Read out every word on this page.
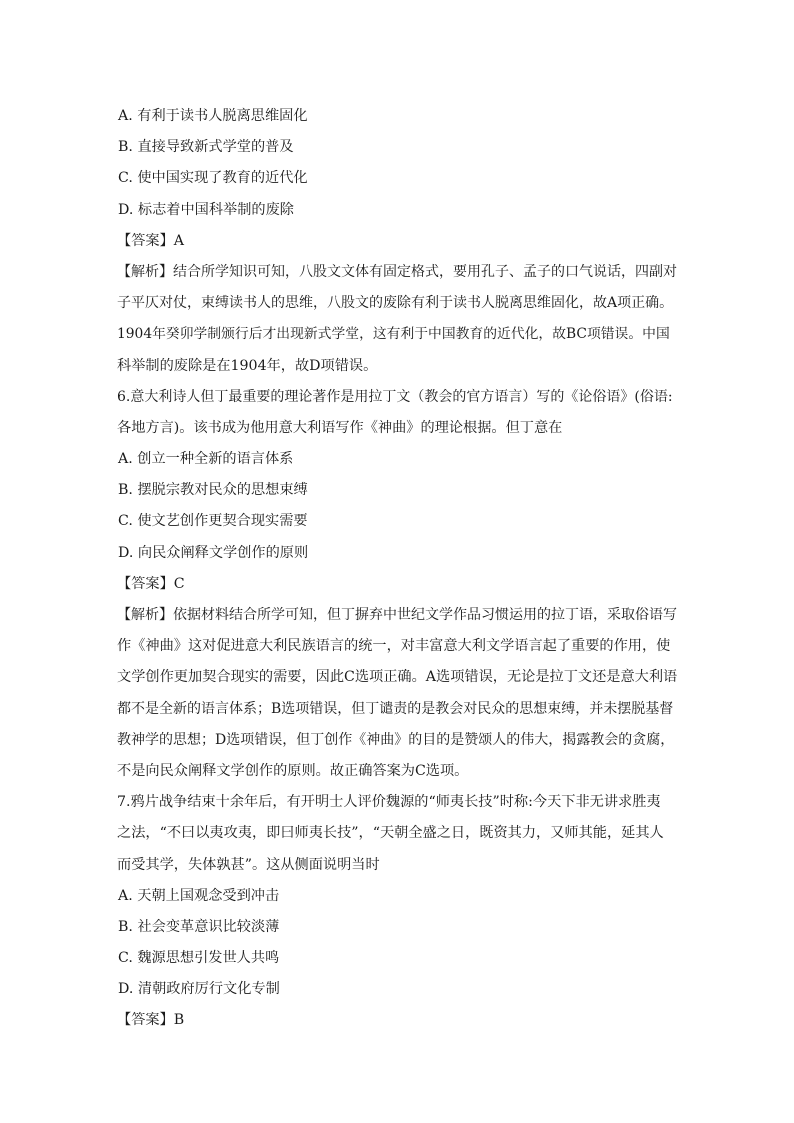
A. 有利于读书人脱离思维固化
B. 直接导致新式学堂的普及
C. 使中国实现了教育的近代化
D. 标志着中国科举制的废除
【答案】A
【解析】结合所学知识可知，八股文文体有固定格式，要用孔子、孟子的口气说话，四副对
子平仄对仗，束缚读书人的思维，八股文的废除有利于读书人脱离思维固化，故A项正确。
1904年癸卯学制颁行后才出现新式学堂，这有利于中国教育的近代化，故BC项错误。中国
科举制的废除是在1904年，故D项错误。
6.意大利诗人但丁最重要的理论著作是用拉丁文（教会的官方语言）写的《论俗语》(俗语:
各地方言)。该书成为他用意大利语写作《神曲》的理论根据。但丁意在
A. 创立一种全新的语言体系
B. 摆脱宗教对民众的思想束缚
C. 使文艺创作更契合现实需要
D. 向民众阐释文学创作的原则
【答案】C
【解析】依据材料结合所学可知，但丁摒弃中世纪文学作品习惯运用的拉丁语，采取俗语写
作《神曲》这对促进意大利民族语言的统一，对丰富意大利文学语言起了重要的作用，使
文学创作更加契合现实的需要，因此C选项正确。A选项错误，无论是拉丁文还是意大利语
都不是全新的语言体系；B选项错误，但丁谴责的是教会对民众的思想束缚，并未摆脱基督
教神学的思想；D选项错误，但丁创作《神曲》的目的是赞颂人的伟大，揭露教会的贪腐，
不是向民众阐释文学创作的原则。故正确答案为C选项。
7.鸦片战争结束十余年后，有开明士人评价魏源的“师夷长技”时称:今天下非无讲求胜夷
之法，“不曰以夷攻夷，即曰师夷长技”，“天朝全盛之日，既资其力，又师其能，延其人
而受其学，失体孰甚”。这从侧面说明当时
A. 天朝上国观念受到冲击
B. 社会变革意识比较淡薄
C. 魏源思想引发世人共鸣
D. 清朝政府厉行文化专制
【答案】B
